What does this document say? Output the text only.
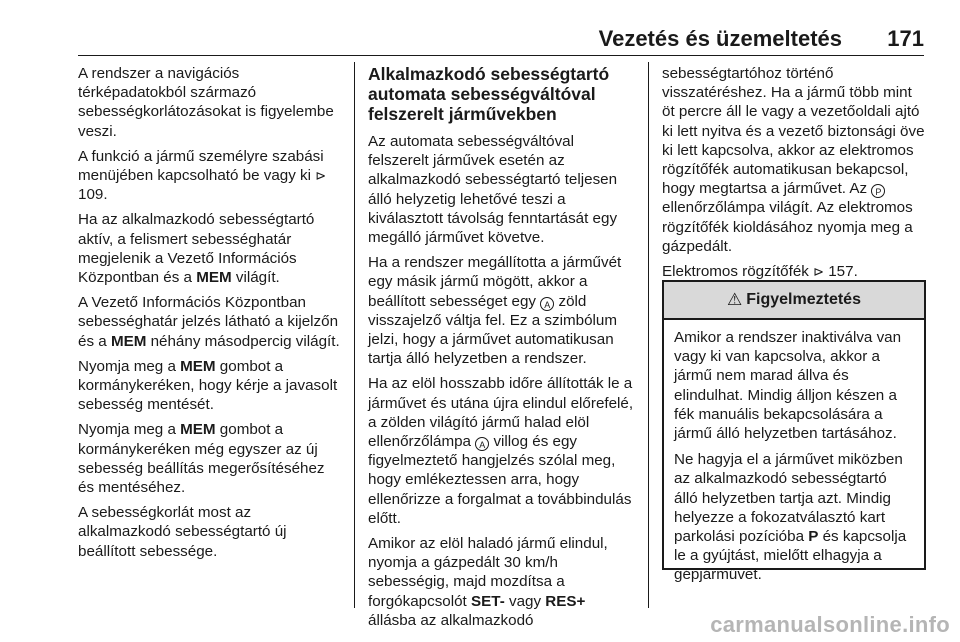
Vezetés és üzemeltetés 171

A rendszer a navigációs térképadatokból származó sebességkorlátozásokat is figyelembe veszi.

A funkció a jármű személyre szabási menüjében kapcsolható be vagy ki ⊳ 109.

Ha az alkalmazkodó sebességtartó aktív, a felismert sebességhatár megjelenik a Vezető Információs Központban és a MEM világít.

A Vezető Információs Központban sebességhatár jelzés látható a kijelzőn és a MEM néhány másodpercig világít.

Nyomja meg a MEM gombot a kormánykeréken, hogy kérje a javasolt sebesség mentését.

Nyomja meg a MEM gombot a kormánykeréken még egyszer az új sebesség beállítás megerősítéséhez és mentéséhez.

A sebességkorlát most az alkalmazkodó sebességtartó új beállított sebessége.

Alkalmazkodó sebességtartó automata sebességváltóval felszerelt járművekben

Az automata sebességváltóval felszerelt járművek esetén az alkalmazkodó sebességtartó teljesen álló helyzetig lehetővé teszi a kiválasztott távolság fenntartását egy megálló járművet követve.

Ha a rendszer megállította a járművét egy másik jármű mögött, akkor a beállított sebességet egy A zöld visszajelző váltja fel. Ez a szimbólum jelzi, hogy a járművet automatikusan tartja álló helyzetben a rendszer.

Ha az elöl hosszabb időre állították le a járművet és utána újra elindul előrefelé, a zölden világító jármű halad elöl ellenőrzőlámpa A villog és egy figyelmeztető hangjelzés szólal meg, hogy emlékeztessen arra, hogy ellenőrizze a forgalmat a továbbindulás előtt.

Amikor az elöl haladó jármű elindul, nyomja a gázpedált 30 km/h sebességig, majd mozdítsa a forgókapcsolót SET- vagy RES+ állásba az alkalmazkodó

sebességtartóhoz történő visszatéréshez. Ha a jármű több mint öt percre áll le vagy a vezetőoldali ajtó ki lett nyitva és a vezető biztonsági öve ki lett kapcsolva, akkor az elektromos rögzítőfék automatikusan bekapcsol, hogy megtartsa a járművet. Az P ellenőrzőlámpa világít. Az elektromos rögzítőfék kioldásához nyomja meg a gázpedált.

Elektromos rögzítőfék ⊳ 157.

⚠ Figyelmeztetés

Amikor a rendszer inaktiválva van vagy ki van kapcsolva, akkor a jármű nem marad állva és elindulhat. Mindig álljon készen a fék manuális bekapcsolására a jármű álló helyzetben tartásához.

Ne hagyja el a járművet miközben az alkalmazkodó sebességtartó álló helyzetben tartja azt. Mindig helyezze a fokozatválasztó kart parkolási pozícióba P és kapcsolja le a gyújtást, mielőtt elhagyja a gépjárművet.

carmanualsonline.info
